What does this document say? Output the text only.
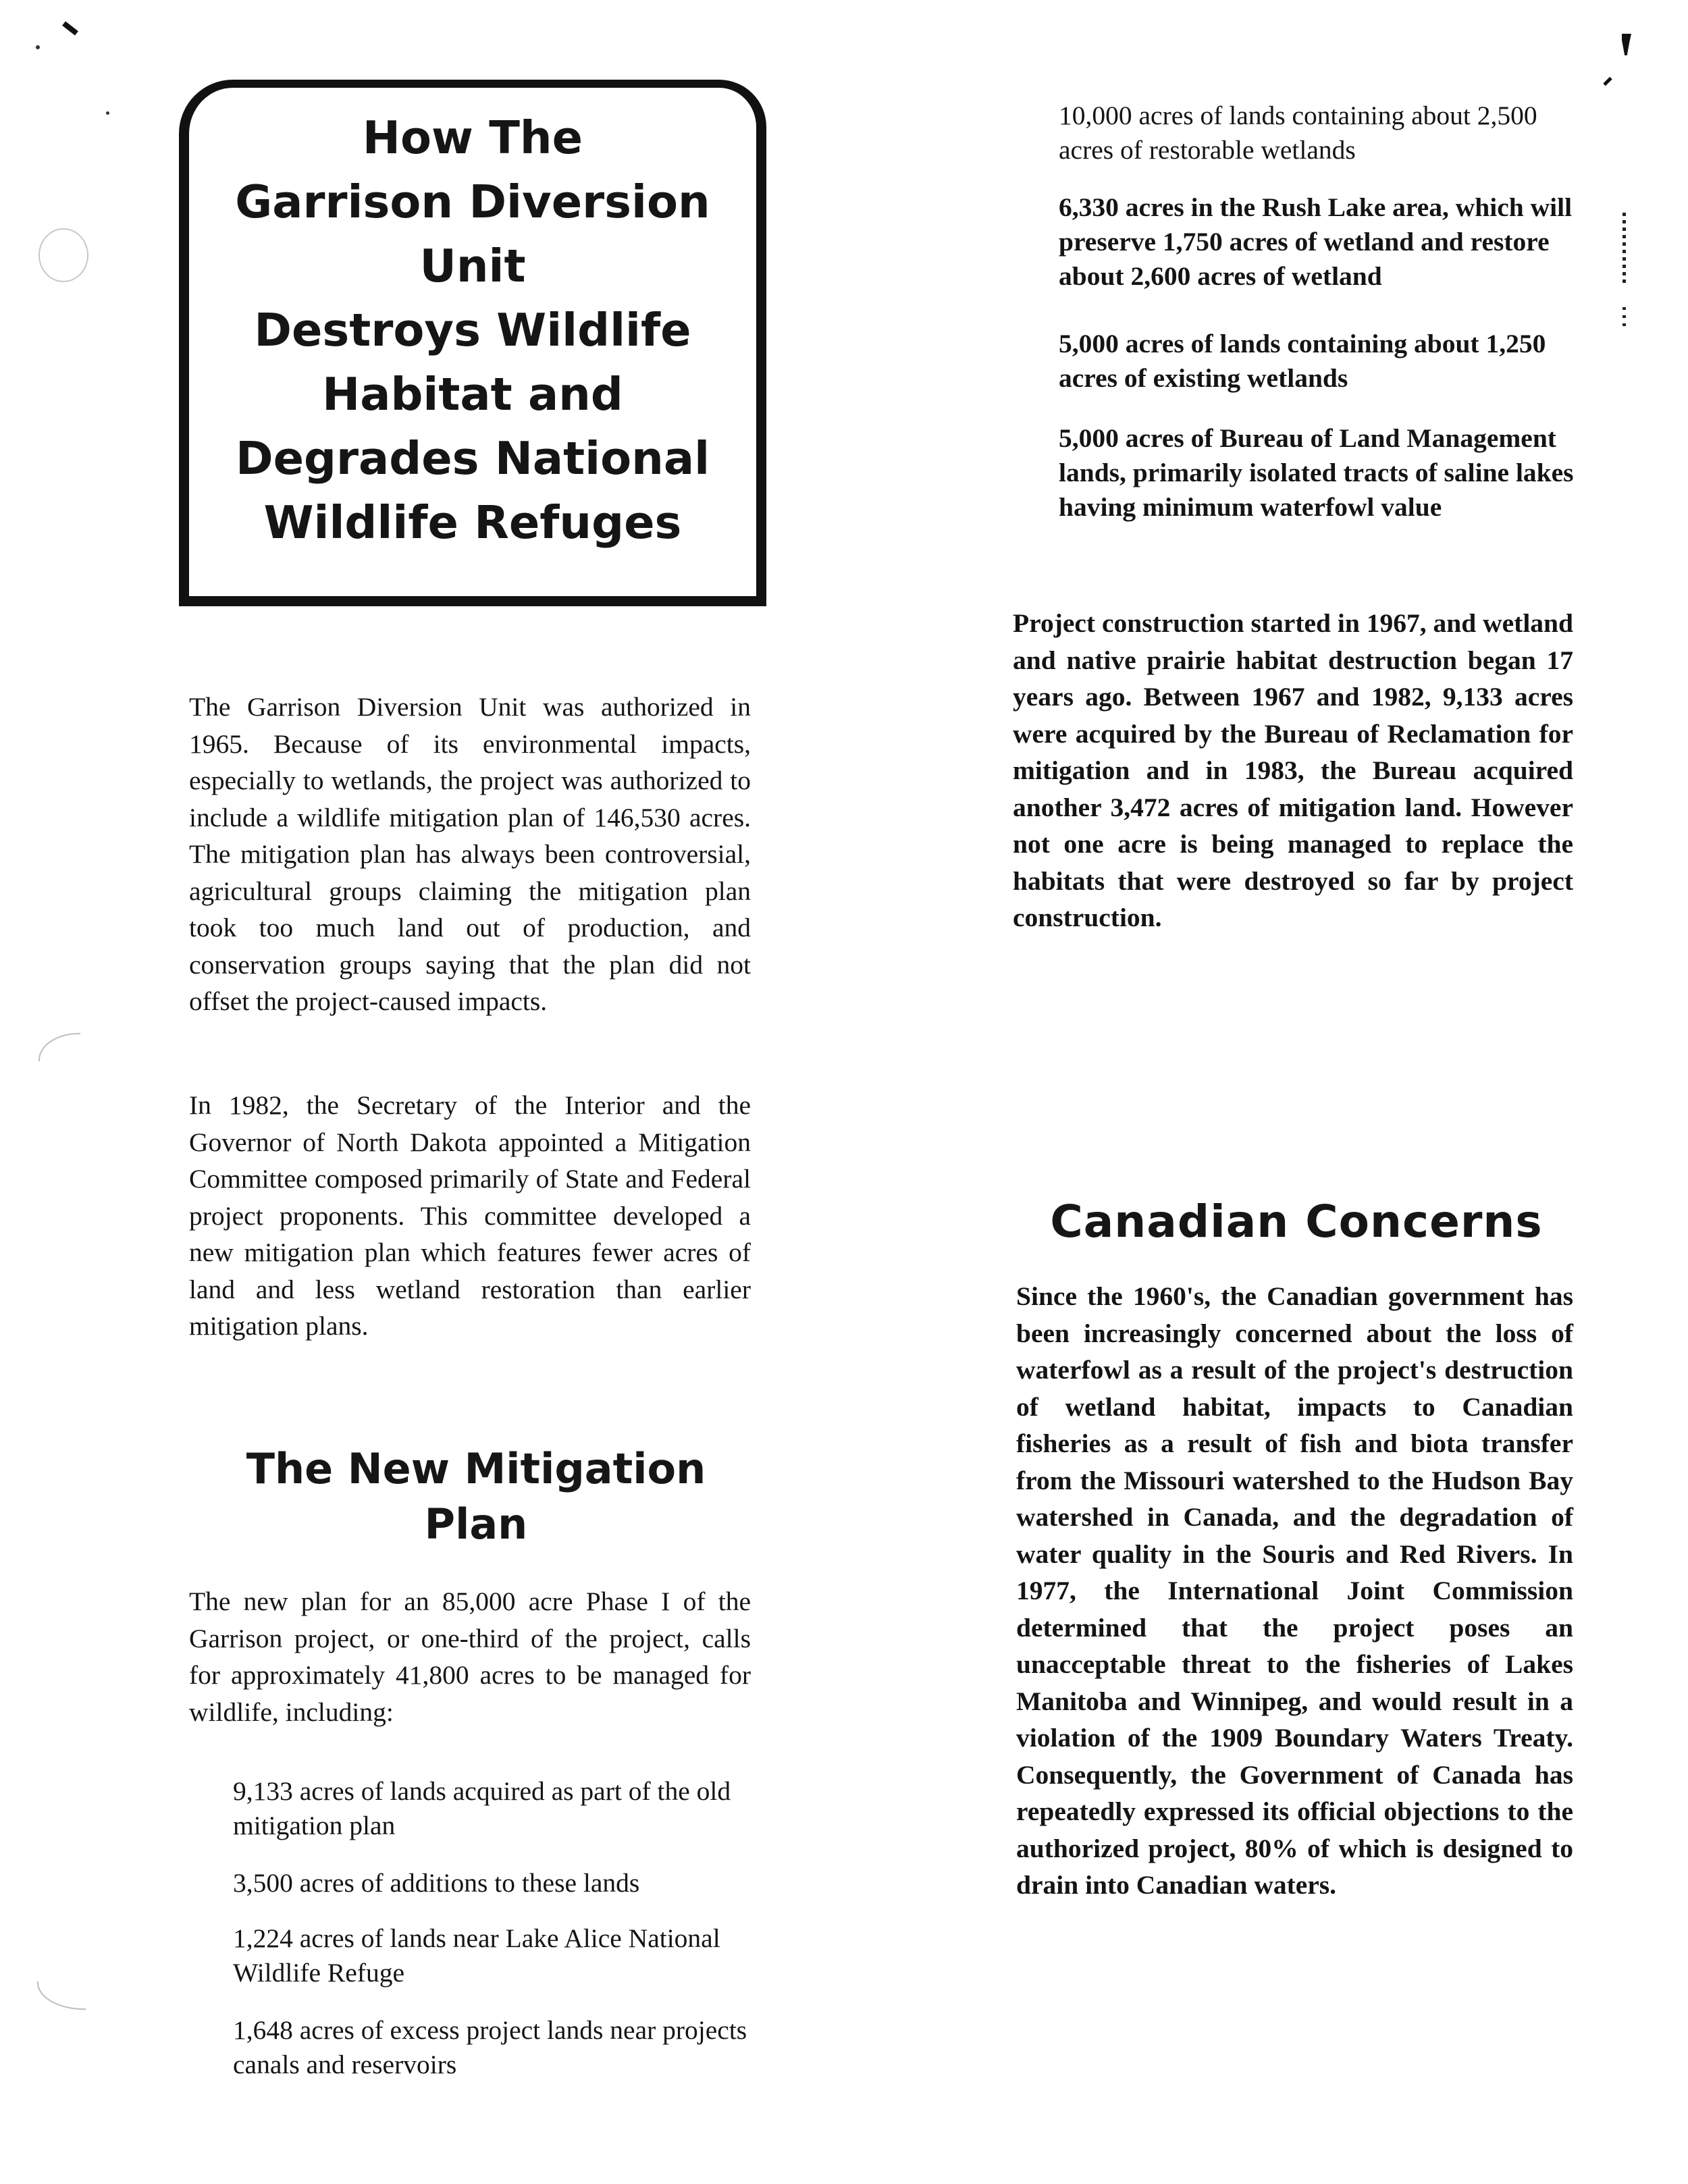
How The
Garrison Diversion
Unit
Destroys Wildlife
Habitat and
Degrades National
Wildlife Refuges

The Garrison Diversion Unit was authorized in 1965. Because of its environmental impacts, especially to wetlands, the project was authorized to include a wildlife mitigation plan of 146,530 acres. The mitigation plan has always been controversial, agricultural groups claiming the mitigation plan took too much land out of production, and conservation groups saying that the plan did not offset the project-caused impacts.

In 1982, the Secretary of the Interior and the Governor of North Dakota appointed a Mitigation Committee composed primarily of State and Federal project proponents. This committee developed a new mitigation plan which features fewer acres of land and less wetland restoration than earlier mitigation plans.

The New Mitigation Plan

The new plan for an 85,000 acre Phase I of the Garrison project, or one-third of the project, calls for approximately 41,800 acres to be managed for wildlife, including:

9,133 acres of lands acquired as part of the old mitigation plan

3,500 acres of additions to these lands

1,224 acres of lands near Lake Alice National Wildlife Refuge

1,648 acres of excess project lands near projects canals and reservoirs

10,000 acres of lands containing about 2,500 acres of restorable wetlands

6,330 acres in the Rush Lake area, which will preserve 1,750 acres of wetland and restore about 2,600 acres of wetland

5,000 acres of lands containing about 1,250 acres of existing wetlands

5,000 acres of Bureau of Land Management lands, primarily isolated tracts of saline lakes having minimum waterfowl value

Project construction started in 1967, and wetland and native prairie habitat destruction began 17 years ago. Between 1967 and 1982, 9,133 acres were acquired by the Bureau of Reclamation for mitigation and in 1983, the Bureau acquired another 3,472 acres of mitigation land. However not one acre is being managed to replace the habitats that were destroyed so far by project construction.

Canadian Concerns

Since the 1960's, the Canadian government has been increasingly concerned about the loss of waterfowl as a result of the project's destruction of wetland habitat, impacts to Canadian fisheries as a result of fish and biota transfer from the Missouri watershed to the Hudson Bay watershed in Canada, and the degradation of water quality in the Souris and Red Rivers. In 1977, the International Joint Commission determined that the project poses an unacceptable threat to the fisheries of Lakes Manitoba and Winnipeg, and would result in a violation of the 1909 Boundary Waters Treaty. Consequently, the Government of Canada has repeatedly expressed its official objections to the authorized project, 80% of which is designed to drain into Canadian waters.
